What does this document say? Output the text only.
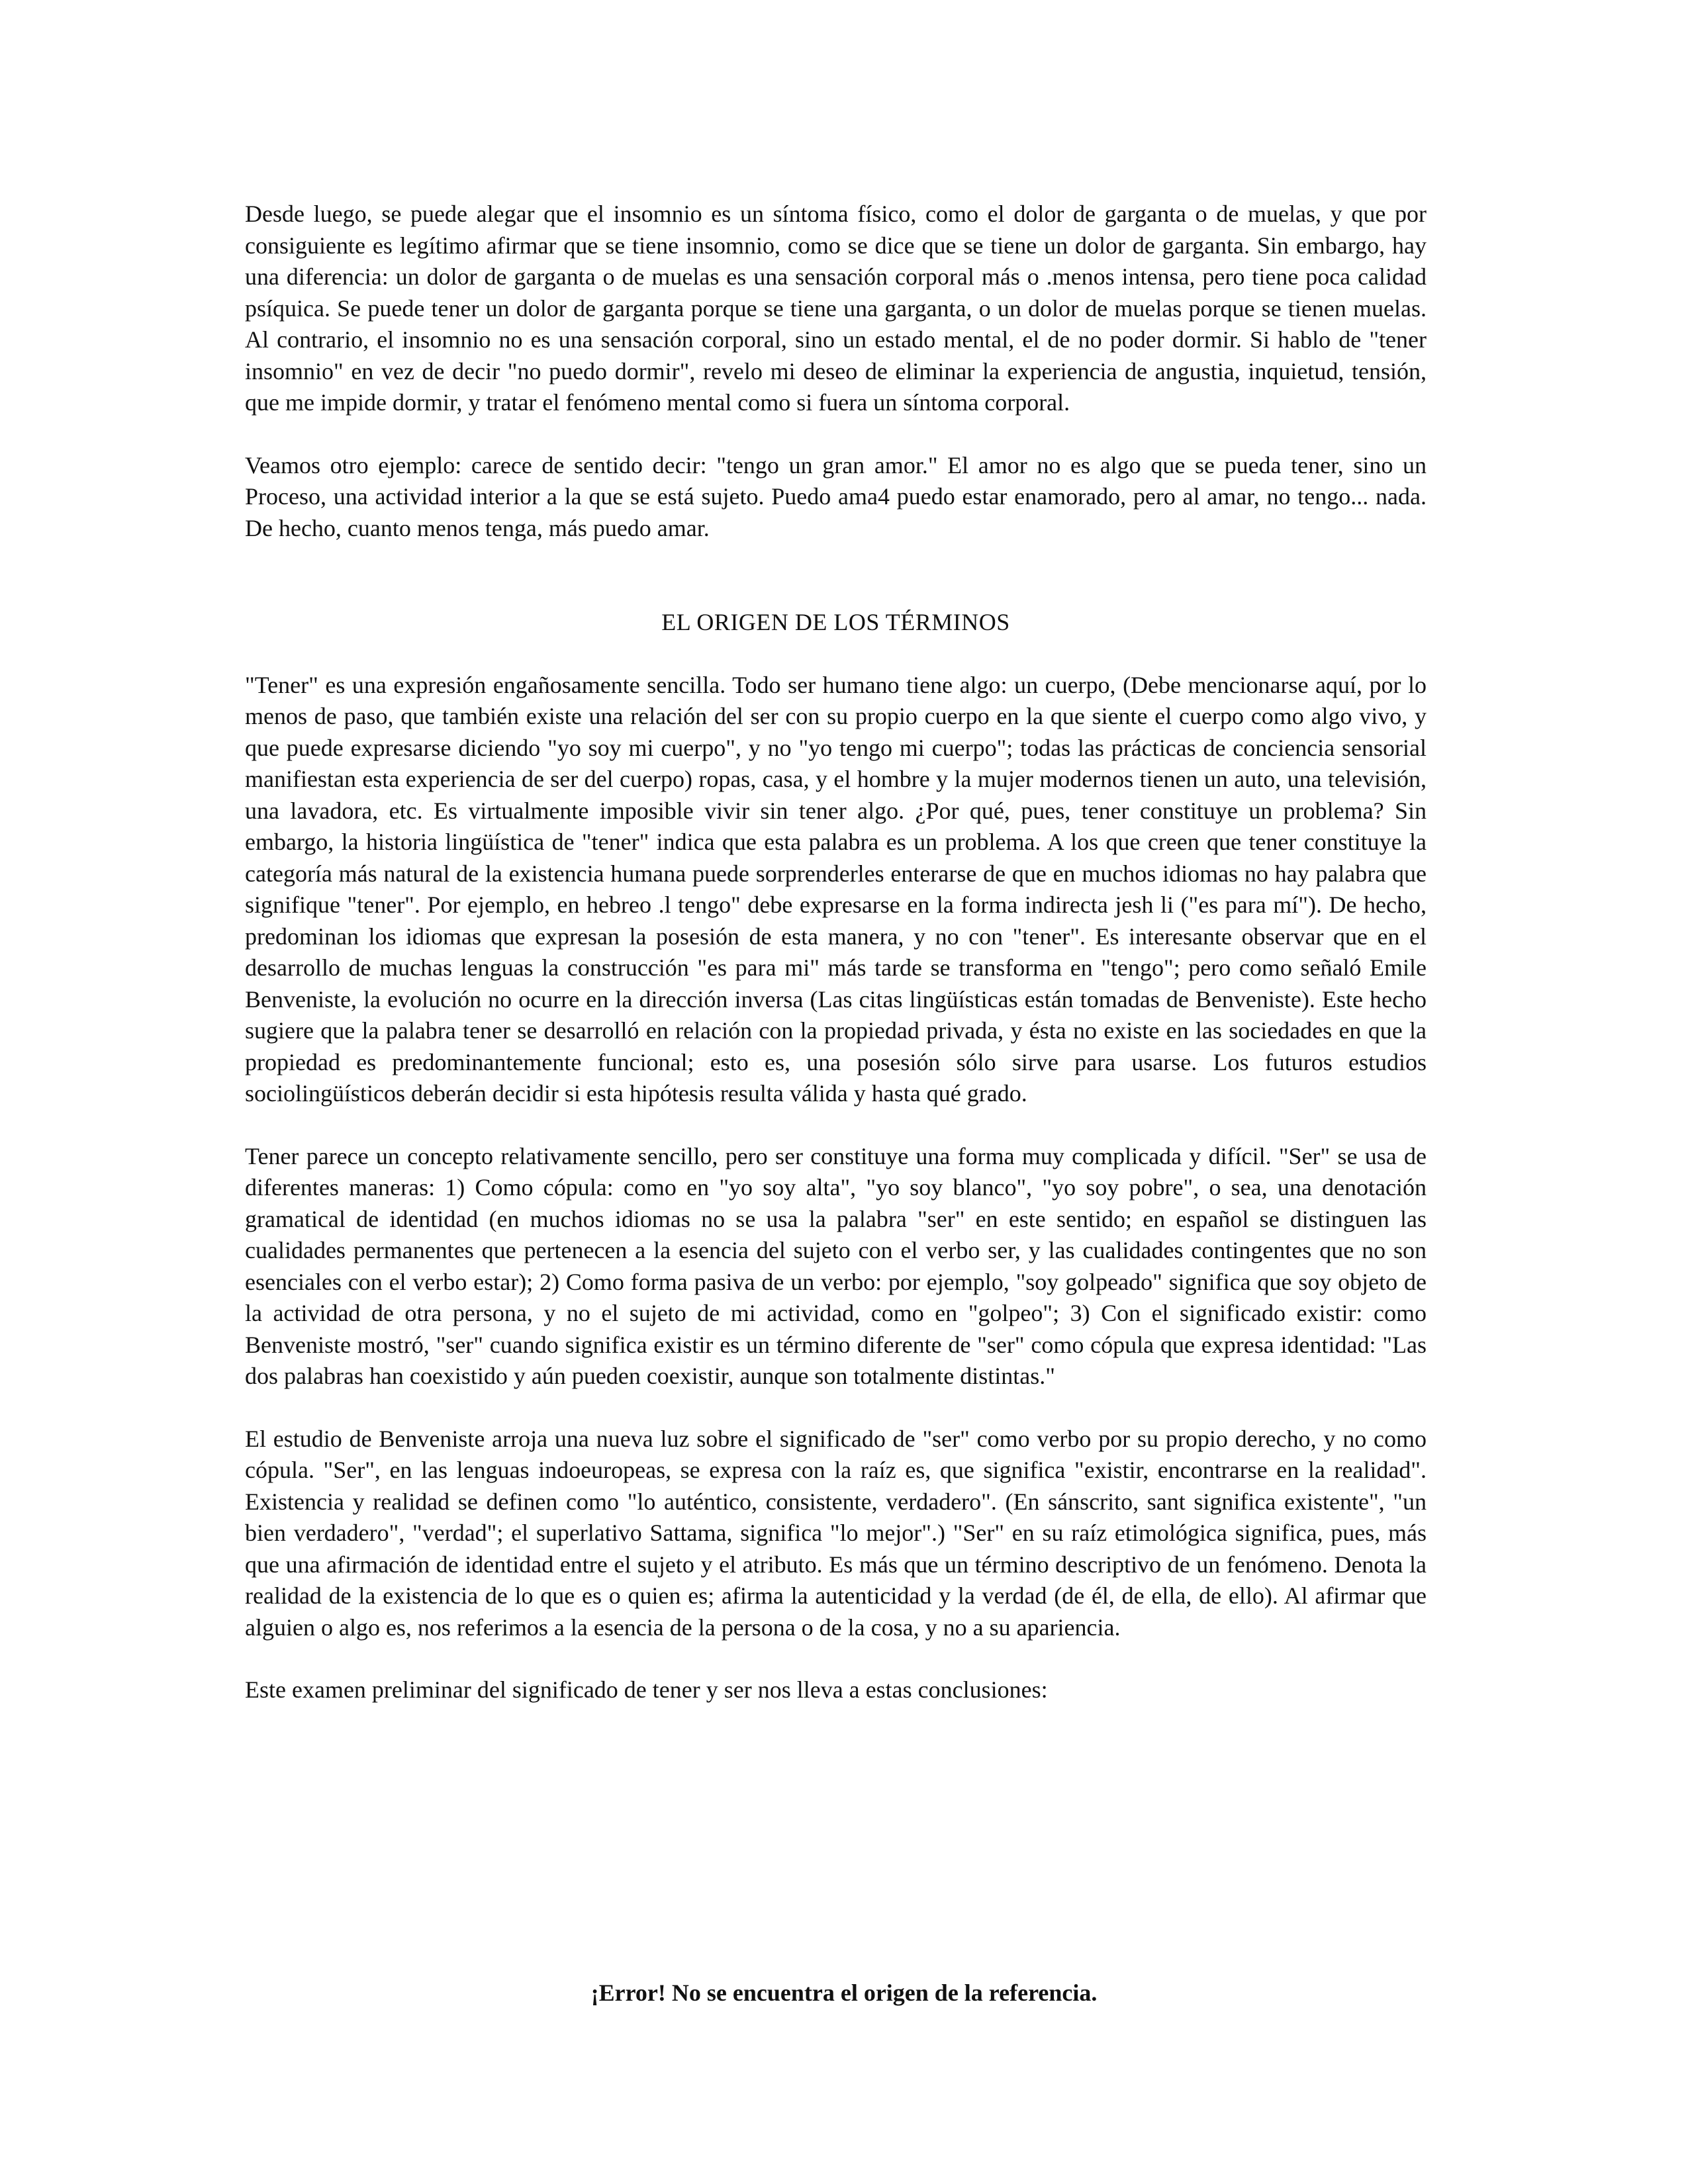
Desde luego, se puede alegar que el insomnio es un síntoma físico, como el dolor de garganta o de muelas, y que por consiguiente es legítimo afirmar que se tiene insomnio, como se dice que se tiene un dolor de garganta. Sin embargo, hay una diferencia: un dolor de garganta o de muelas es una sensación corporal más o .menos intensa, pero tiene poca calidad psíquica. Se puede tener un dolor de garganta porque se tiene una garganta, o un dolor de muelas porque se tienen muelas. Al contrario, el insomnio no es una sensación corporal, sino un estado mental, el de no poder dormir. Si hablo de "tener insomnio" en vez de decir "no puedo dormir", revelo mi deseo de eliminar la experiencia de angustia, inquietud, tensión, que me impide dormir, y tratar el fenómeno mental como si fuera un síntoma corporal.

Veamos otro ejemplo: carece de sentido decir: "tengo un gran amor." El amor no es algo que se pueda tener, sino un Proceso, una actividad interior a la que se está sujeto. Puedo ama4 puedo estar enamorado, pero al amar, no tengo... nada. De hecho, cuanto menos tenga, más puedo amar.

EL ORIGEN DE LOS TÉRMINOS

"Tener" es una expresión engañosamente sencilla. Todo ser humano tiene algo: un cuerpo, (Debe mencionarse aquí, por lo menos de paso, que también existe una relación del ser con su propio cuerpo en la que siente el cuerpo como algo vivo, y que puede expresarse diciendo "yo soy mi cuerpo", y no "yo tengo mi cuerpo"; todas las prácticas de conciencia sensorial manifiestan esta experiencia de ser del cuerpo) ropas, casa, y el hombre y la mujer modernos tienen un auto, una televisión, una lavadora, etc. Es virtualmente imposible vivir sin tener algo. ¿Por qué, pues, tener constituye un problema? Sin embargo, la historia lingüística de "tener" indica que esta palabra es un problema. A los que creen que tener constituye la categoría más natural de la existencia humana puede sorprenderles enterarse de que en muchos idiomas no hay palabra que signifique "tener". Por ejemplo, en hebreo .l tengo" debe expresarse en la forma indirecta jesh li ("es para mí"). De hecho, predominan los idiomas que expresan la posesión de esta manera, y no con "tener". Es interesante observar que en el desarrollo de muchas lenguas la construcción "es para mi" más tarde se transforma en "tengo"; pero como señaló Emile Benveniste, la evolución no ocurre en la dirección inversa (Las citas lingüísticas están tomadas de Benveniste). Este hecho sugiere que la palabra tener se desarrolló en relación con la propiedad privada, y ésta no existe en las sociedades en que la propiedad es predominantemente funcional; esto es, una posesión sólo sirve para usarse. Los futuros estudios sociolingüísticos deberán decidir si esta hipótesis resulta válida y hasta qué grado.

Tener parece un concepto relativamente sencillo, pero ser constituye una forma muy complicada y difícil. "Ser" se usa de diferentes maneras: 1) Como cópula: como en "yo soy alta", "yo soy blanco", "yo soy pobre", o sea, una denotación gramatical de identidad (en muchos idiomas no se usa la palabra "ser" en este sentido; en español se distinguen las cualidades permanentes que pertenecen a la esencia del sujeto con el verbo ser, y las cualidades contingentes que no son esenciales con el verbo estar); 2) Como forma pasiva de un verbo: por ejemplo, "soy golpeado" significa que soy objeto de la actividad de otra persona, y no el sujeto de mi actividad, como en "golpeo"; 3) Con el significado existir: como Benveniste mostró, "ser" cuando significa existir es un término diferente de "ser" como cópula que expresa identidad: "Las dos palabras han coexistido y aún pueden coexistir, aunque son totalmente distintas."

El estudio de Benveniste arroja una nueva luz sobre el significado de "ser" como verbo por su propio derecho, y no como cópula. "Ser", en las lenguas indoeuropeas, se expresa con la raíz es, que significa "existir, encontrarse en la realidad". Existencia y realidad se definen como "lo auténtico, consistente, verdadero". (En sánscrito, sant significa existente", "un bien verdadero", "verdad"; el superlativo Sattama, significa "lo mejor".) "Ser" en su raíz etimológica significa, pues, más que una afirmación de identidad entre el sujeto y el atributo. Es más que un término descriptivo de un fenómeno. Denota la realidad de la existencia de lo que es o quien es; afirma la autenticidad y la verdad (de él, de ella, de ello). Al afirmar que alguien o algo es, nos referimos a la esencia de la persona o de la cosa, y no a su apariencia.

Este examen preliminar del significado de tener y ser nos lleva a estas conclusiones:

¡Error! No se encuentra el origen de la referencia.
